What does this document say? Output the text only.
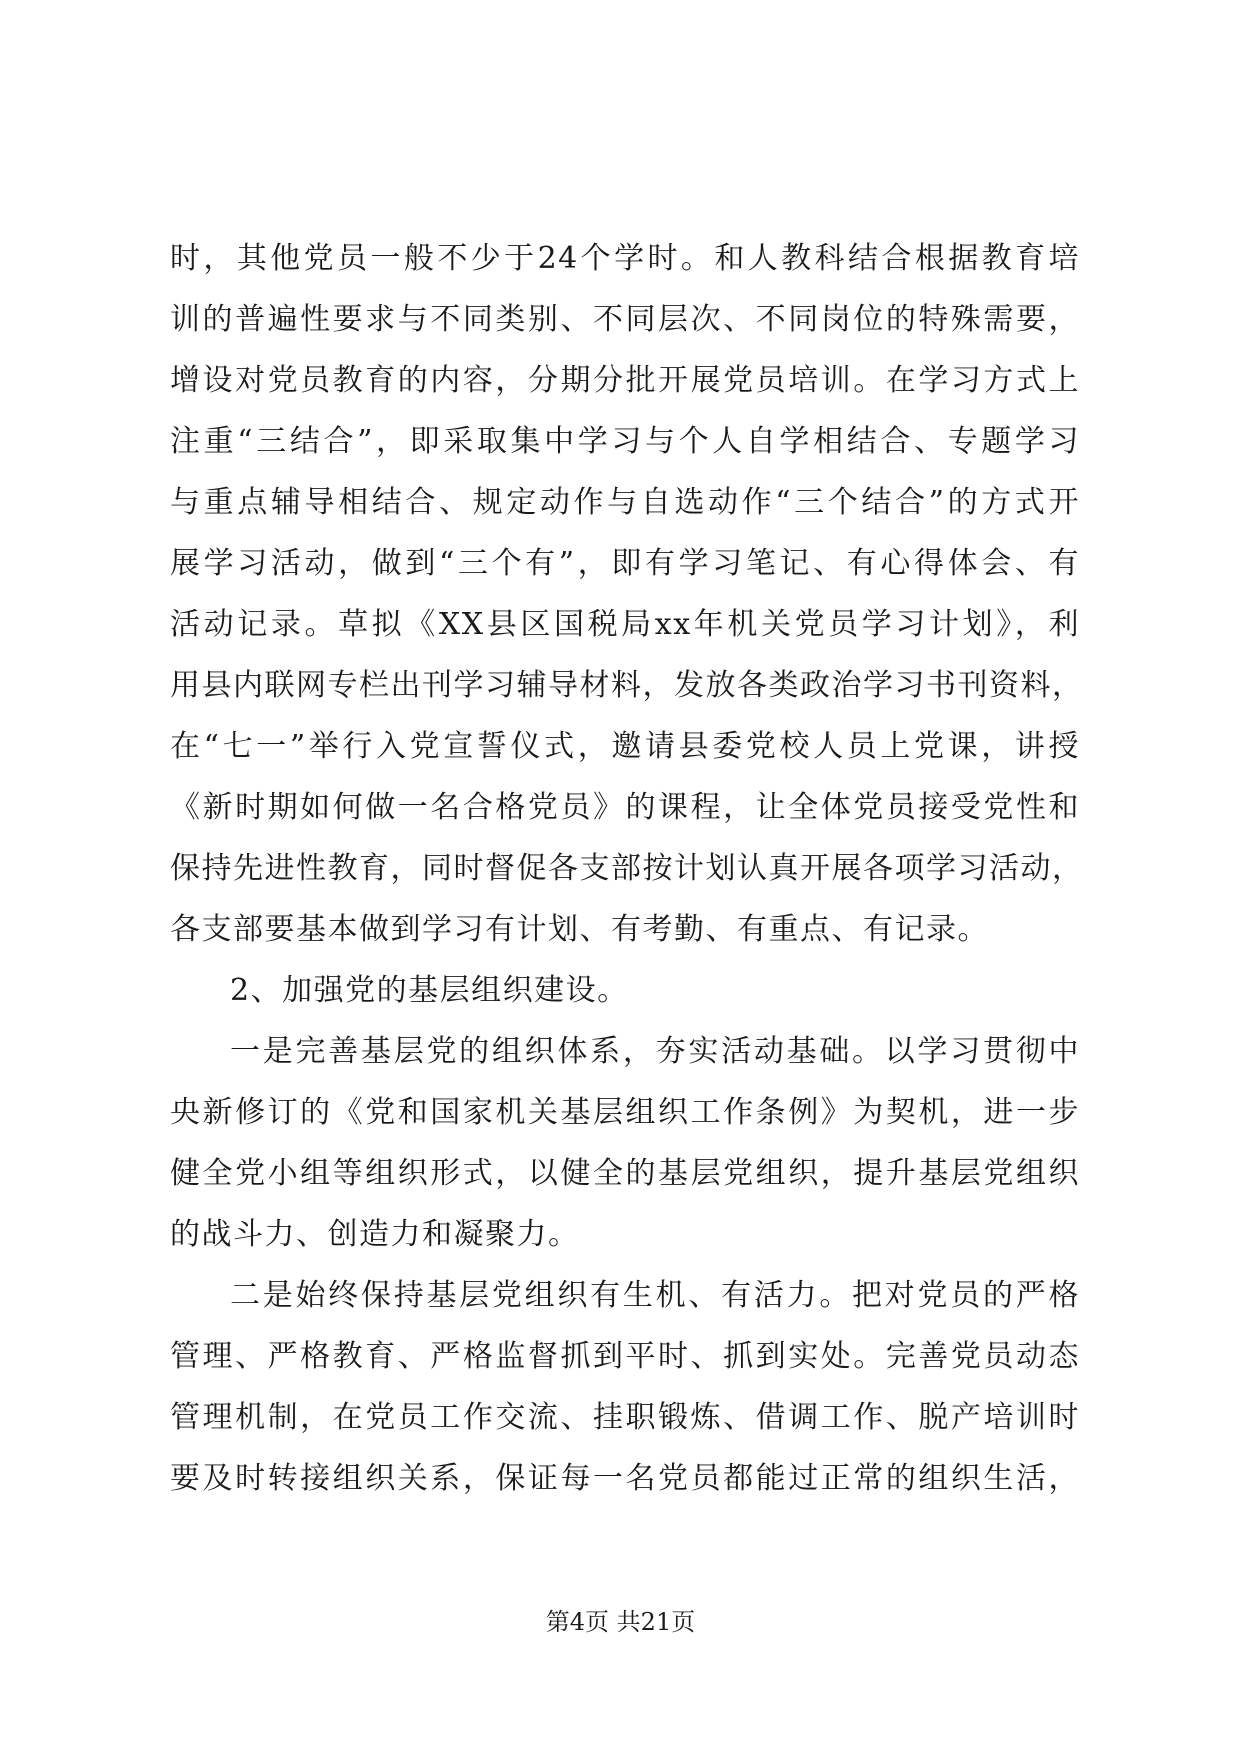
时，其他党员一般不少于24个学时。和人教科结合根据教育培
训的普遍性要求与不同类别、不同层次、不同岗位的特殊需要，
增设对党员教育的内容，分期分批开展党员培训。在学习方式上
注重“三结合”，即采取集中学习与个人自学相结合、专题学习
与重点辅导相结合、规定动作与自选动作“三个结合”的方式开
展学习活动，做到“三个有”，即有学习笔记、有心得体会、有
活动记录。草拟《XX县区国税局xx年机关党员学习计划》，利
用县内联网专栏出刊学习辅导材料，发放各类政治学习书刊资料，
在“七一”举行入党宣誓仪式，邀请县委党校人员上党课，讲授
《新时期如何做一名合格党员》的课程，让全体党员接受党性和
保持先进性教育，同时督促各支部按计划认真开展各项学习活动，
各支部要基本做到学习有计划、有考勤、有重点、有记录。
2、加强党的基层组织建设。
一是完善基层党的组织体系，夯实活动基础。以学习贯彻中
央新修订的《党和国家机关基层组织工作条例》为契机，进一步
健全党小组等组织形式，以健全的基层党组织，提升基层党组织
的战斗力、创造力和凝聚力。
二是始终保持基层党组织有生机、有活力。把对党员的严格
管理、严格教育、严格监督抓到平时、抓到实处。完善党员动态
管理机制，在党员工作交流、挂职锻炼、借调工作、脱产培训时
要及时转接组织关系，保证每一名党员都能过正常的组织生活，
第4页 共21页
